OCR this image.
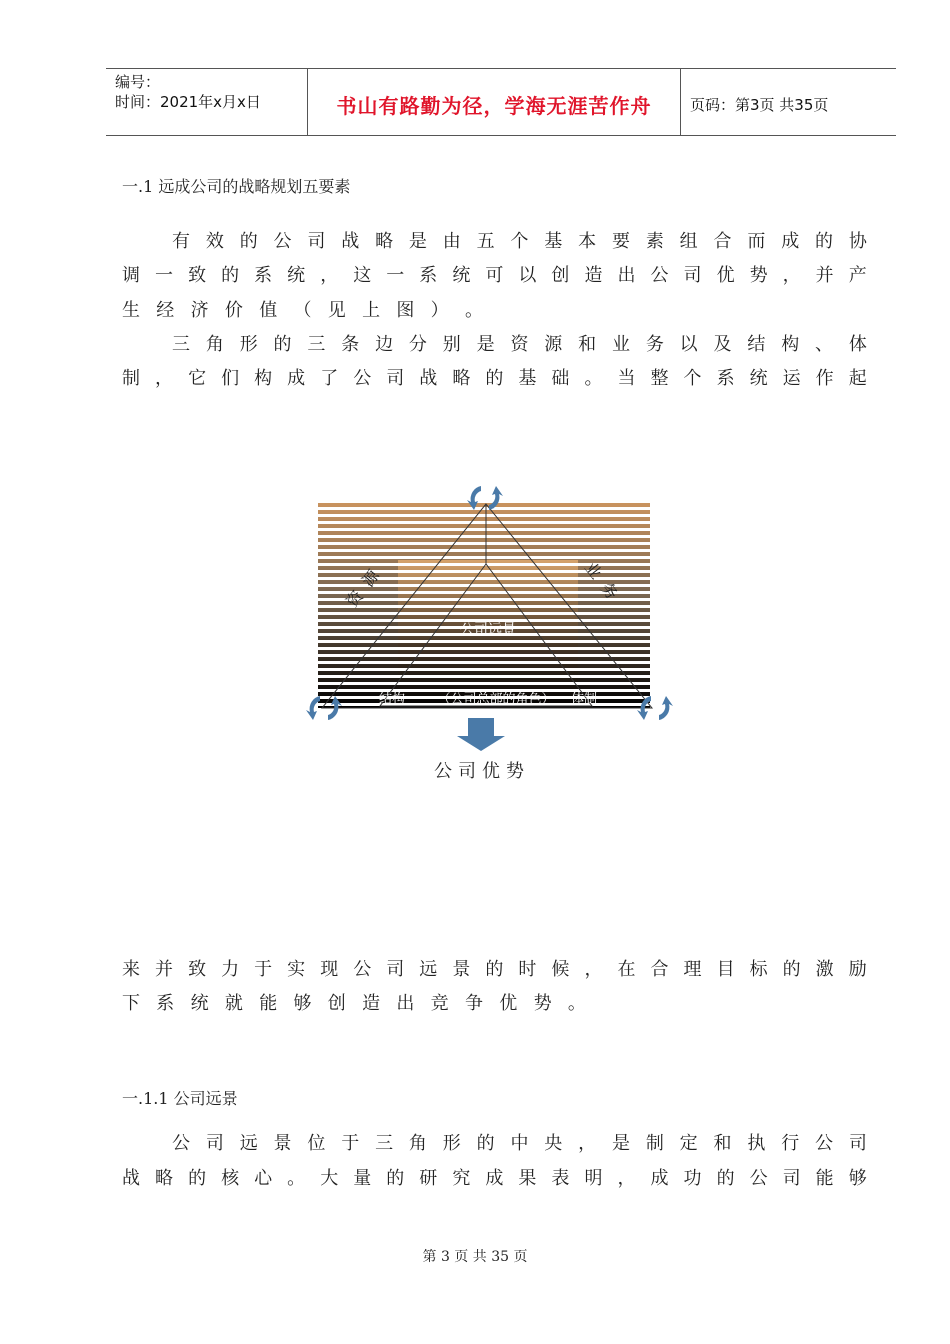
编号：
时间：2021年x月x日	书山有路勤为径，学海无涯苦作舟	页码：第3页 共35页
一.1 远成公司的战略规划五要素
有 效 的 公 司 战 略 是 由 五 个 基 本 要 素 组 合 而 成 的 协
调 一 致 的 系 统 ， 这 一 系 统 可 以 创 造 出 公 司 优 势 ， 并 产
生 经 济 价 值 （ 见 上 图 ） 。
三 角 形 的 三 条 边 分 别 是 资 源 和 业 务 以 及 结 构 、 体
制 ， 它 们 构 成 了 公 司 战 略 的 基 础 。 当 整 个 系 统 运 作 起
公司远景
资源	业务
结构 （公司总部的角色） 体制
公司优势
来 并 致 力 于 实 现 公 司 远 景 的 时 候 ， 在 合 理 目 标 的 激 励
下 系 统 就 能 够 创 造 出 竞 争 优 势 。
一.1.1 公司远景
公 司 远 景 位 于 三 角 形 的 中 央 ， 是 制 定 和 执 行 公 司
战 略 的 核 心 。 大 量 的 研 究 成 果 表 明 ， 成 功 的 公 司 能 够
第 3 页 共 35 页
